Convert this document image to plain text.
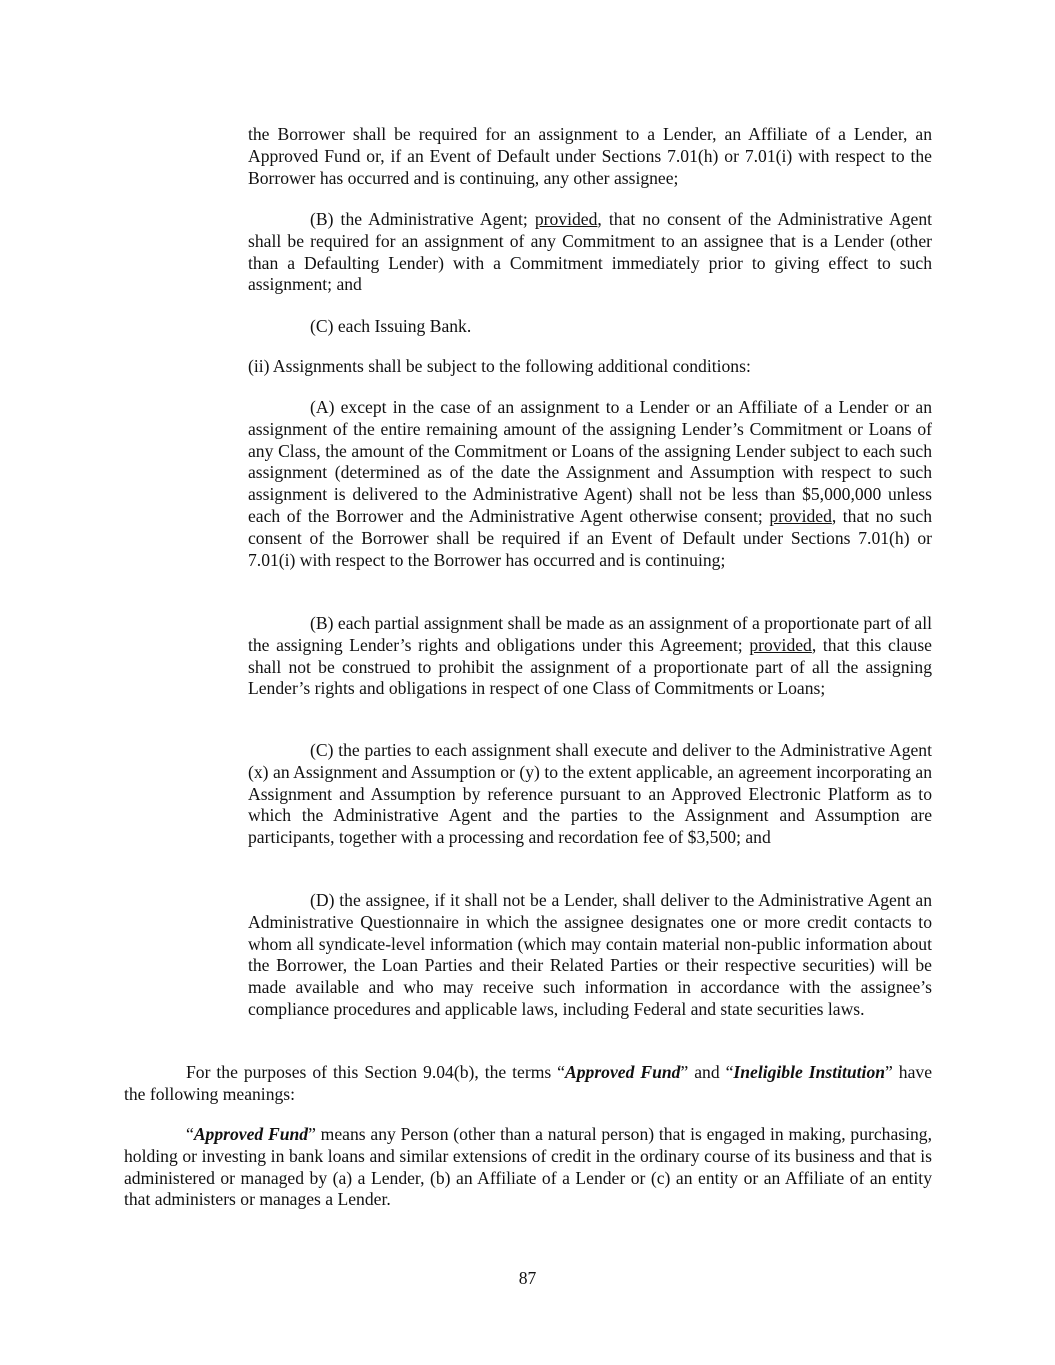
the Borrower shall be required for an assignment to a Lender, an Affiliate of a Lender, an Approved Fund or, if an Event of Default under Sections 7.01(h) or 7.01(i) with respect to the Borrower has occurred and is continuing, any other assignee;

(B) the Administrative Agent; provided, that no consent of the Administrative Agent shall be required for an assignment of any Commitment to an assignee that is a Lender (other than a Defaulting Lender) with a Commitment immediately prior to giving effect to such assignment; and

(C) each Issuing Bank.

(ii) Assignments shall be subject to the following additional conditions:

(A) except in the case of an assignment to a Lender or an Affiliate of a Lender or an assignment of the entire remaining amount of the assigning Lender’s Commitment or Loans of any Class, the amount of the Commitment or Loans of the assigning Lender subject to each such assignment (determined as of the date the Assignment and Assumption with respect to such assignment is delivered to the Administrative Agent) shall not be less than $5,000,000 unless each of the Borrower and the Administrative Agent otherwise consent; provided, that no such consent of the Borrower shall be required if an Event of Default under Sections 7.01(h) or 7.01(i) with respect to the Borrower has occurred and is continuing;

(B) each partial assignment shall be made as an assignment of a proportionate part of all the assigning Lender’s rights and obligations under this Agreement; provided, that this clause shall not be construed to prohibit the assignment of a proportionate part of all the assigning Lender’s rights and obligations in respect of one Class of Commitments or Loans;

(C) the parties to each assignment shall execute and deliver to the Administrative Agent (x) an Assignment and Assumption or (y) to the extent applicable, an agreement incorporating an Assignment and Assumption by reference pursuant to an Approved Electronic Platform as to which the Administrative Agent and the parties to the Assignment and Assumption are participants, together with a processing and recordation fee of $3,500; and

(D) the assignee, if it shall not be a Lender, shall deliver to the Administrative Agent an Administrative Questionnaire in which the assignee designates one or more credit contacts to whom all syndicate-level information (which may contain material non-public information about the Borrower, the Loan Parties and their Related Parties or their respective securities) will be made available and who may receive such information in accordance with the assignee’s compliance procedures and applicable laws, including Federal and state securities laws.

For the purposes of this Section 9.04(b), the terms “Approved Fund” and “Ineligible Institution” have the following meanings:

“Approved Fund” means any Person (other than a natural person) that is engaged in making, purchasing, holding or investing in bank loans and similar extensions of credit in the ordinary course of its business and that is administered or managed by (a) a Lender, (b) an Affiliate of a Lender or (c) an entity or an Affiliate of an entity that administers or manages a Lender.

87
